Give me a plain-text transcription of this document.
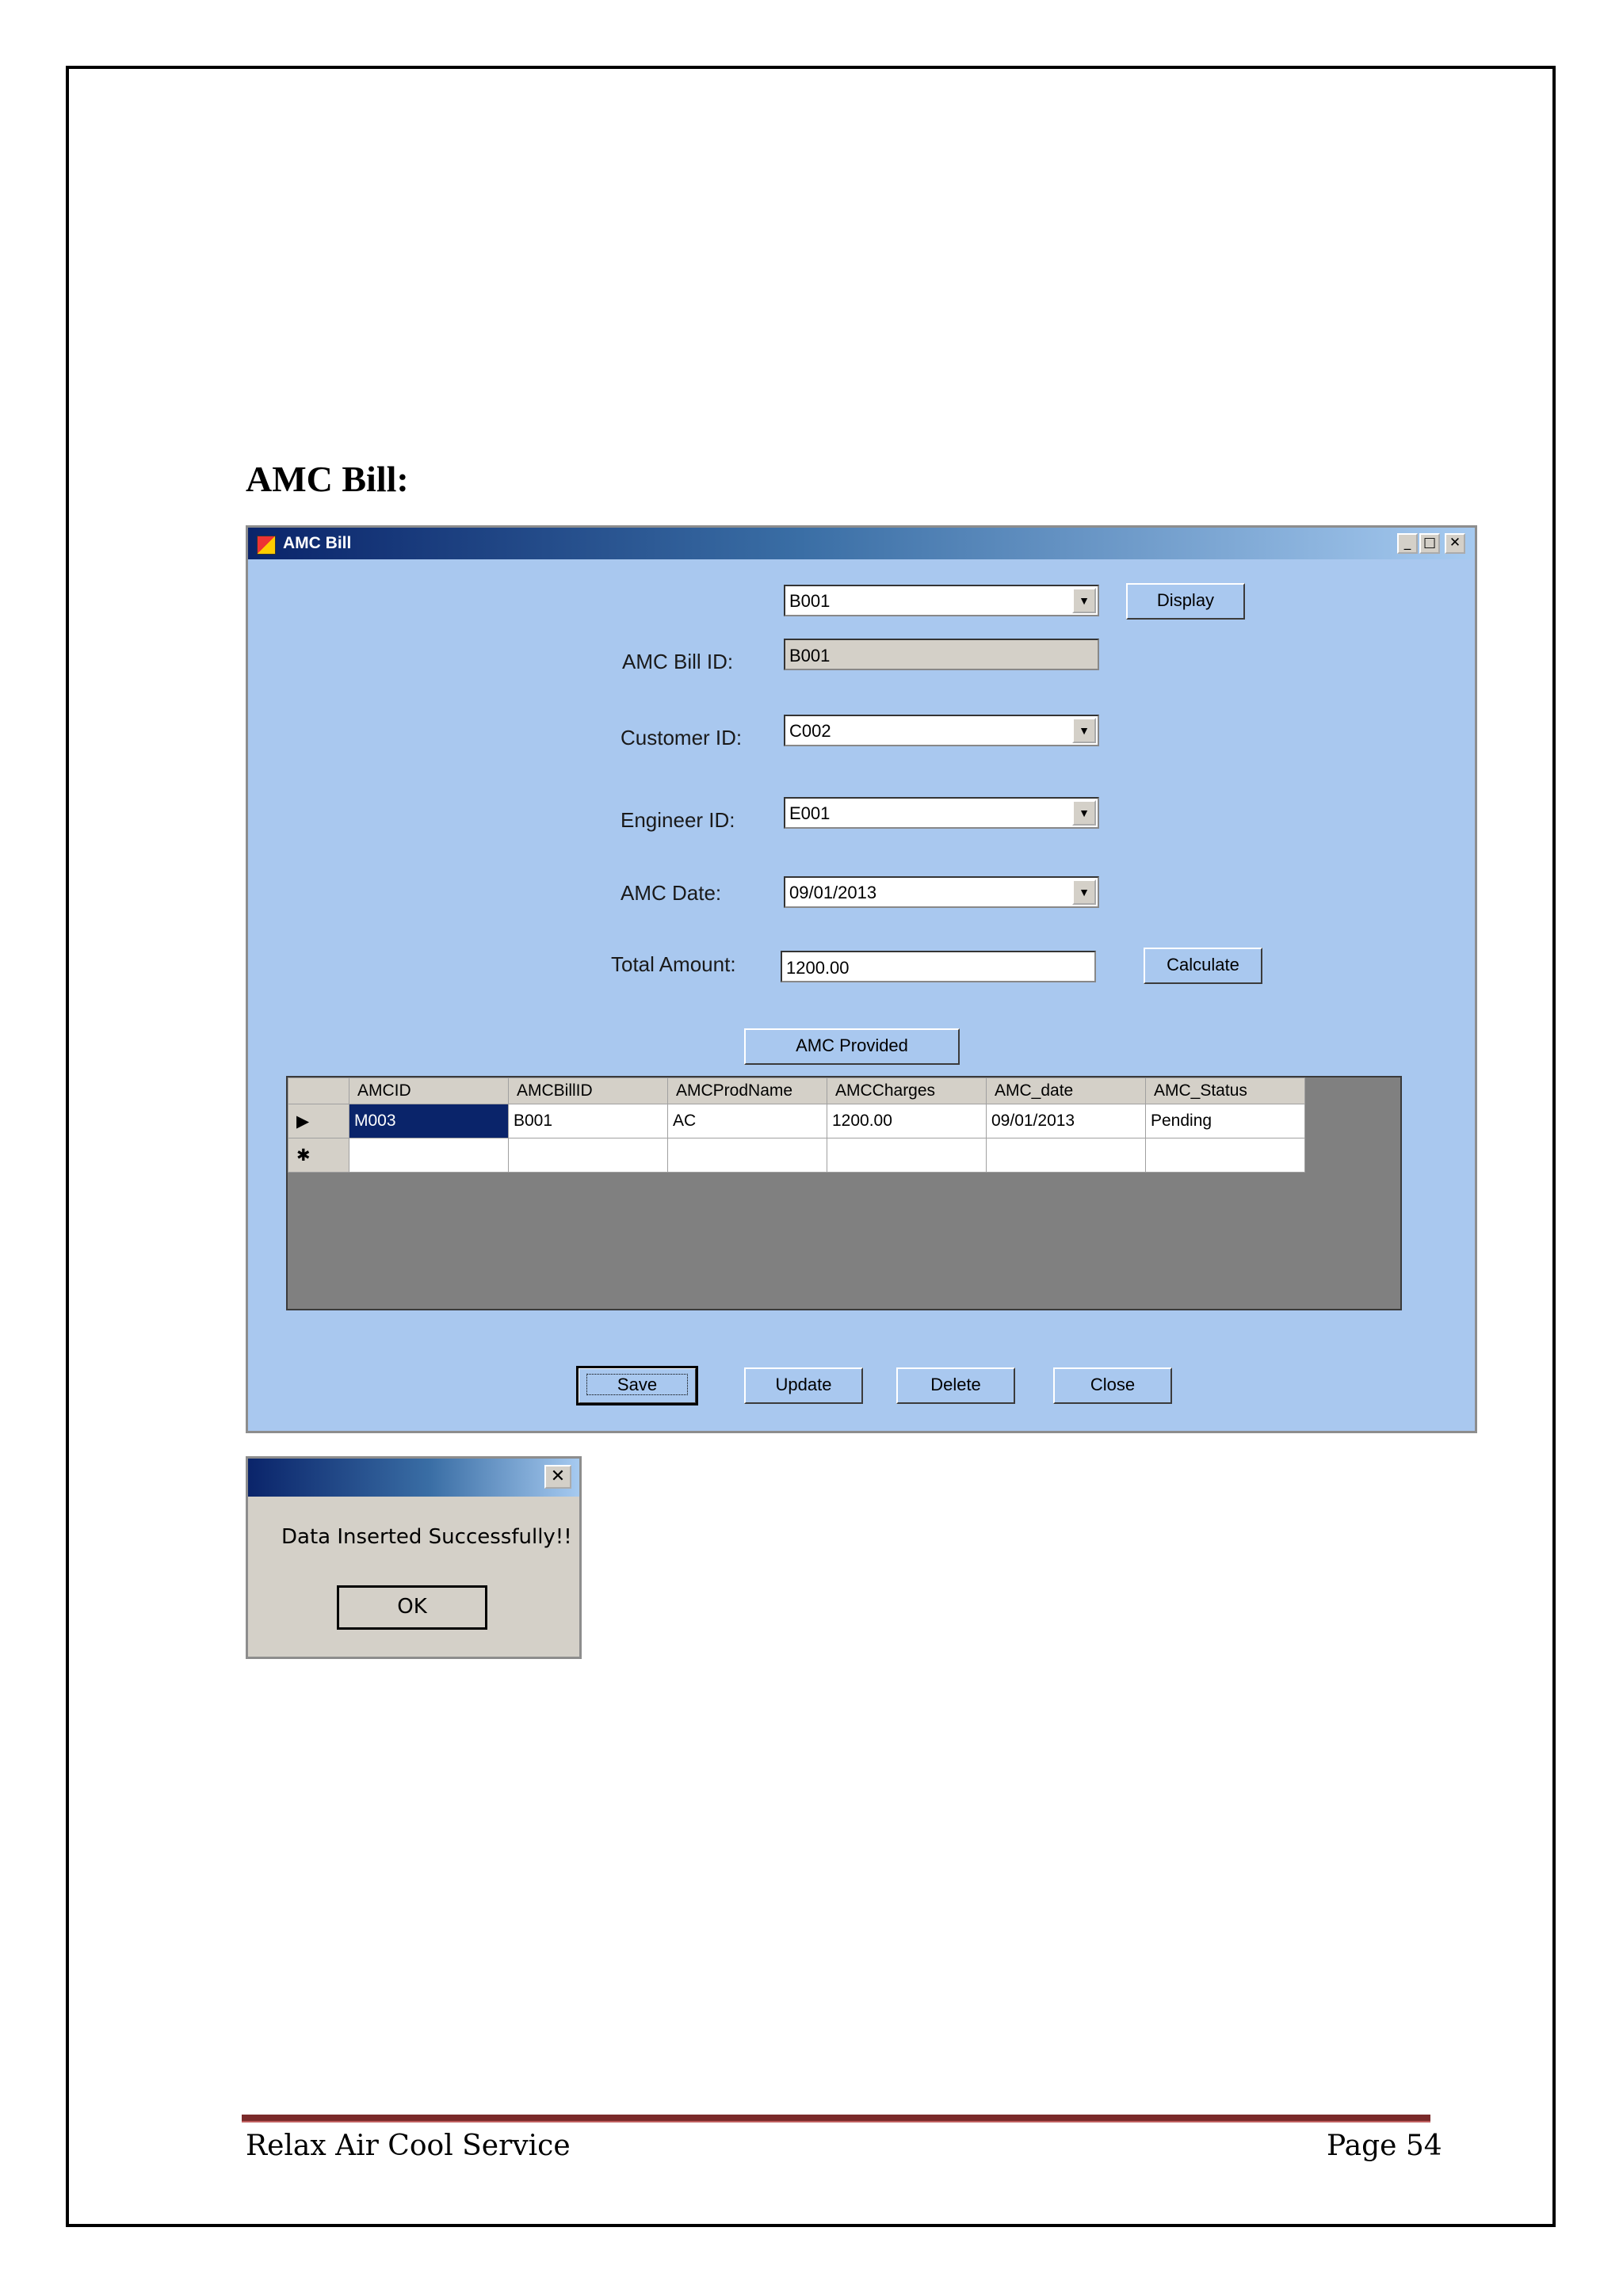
AMC Bill:
AMC Bill	_ □ ✕
B001	▼	Display
AMC Bill ID:	B001
Customer ID:	C002	▼
Engineer ID:	E001	▼
AMC Date:	09/01/2013	▼
Total Amount:	1200.00	Calculate
AMC Provided
	AMCID	AMCBillID	AMCProdName	AMCCharges	AMC_date	AMC_Status
▶	M003	B001	AC	1200.00	09/01/2013	Pending
✱						
Save	Update	Delete	Close
✕
Data Inserted Successfully!!
OK
Relax Air Cool Service	Page 54
